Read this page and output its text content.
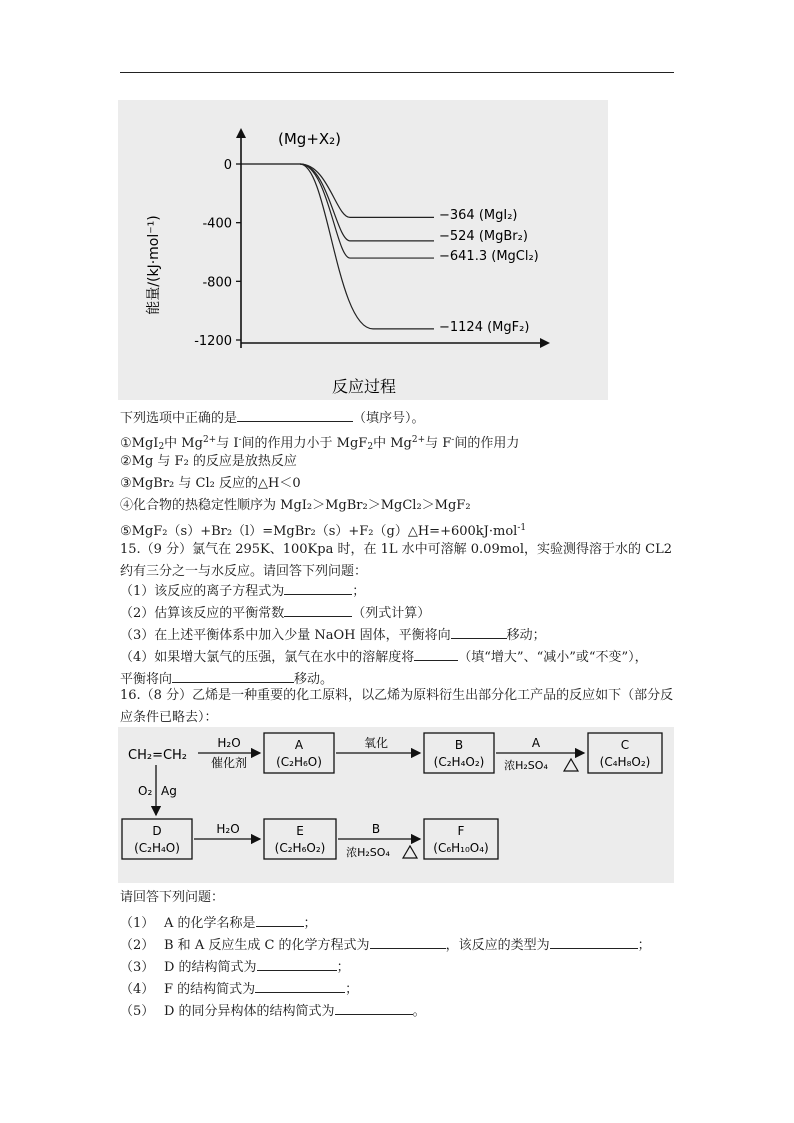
0
-400
-800
-1200
−364 (MgI₂)
−524 (MgBr₂)
−641.3 (MgCl₂)
−1124 (MgF₂)
反应过程
(Mg+X₂)
能量/(kJ·mol⁻¹)
下列选项中正确的是	（填序号）。
①MgI$_2$中 $Mg^{2+}$与 I-间的作用力小于 MgF$_2$中 $Mg^{2+}$与 F-间的作用力
②Mg 与 F₂ 的反应是放热反应
③MgBr₂ 与 Cl₂ 反应的△H＜0
④化合物的热稳定性顺序为 MgI₂＞MgBr₂＞MgCl₂＞MgF₂
⑤MgF₂（s）+Br₂（l）=MgBr₂（s）+F₂（g）△H=+600kJ·mol$^{-1}$
15.（9 分）氯气在 295K、100Kpa 时，在 1L 水中可溶解 0.09mol，实验测得溶于水的 CL2 约有三分之一与水反应。请回答下列问题：
（1）该反应的离子方程式为	；
（2）估算该反应的平衡常数	（列式计算）
（3）在上述平衡体系中加入少量 NaOH 固体，平衡将向	移动；
（4）如果增大氯气的压强，氯气在水中的溶解度将	（填“增大”、“减小”或“不变”），
平衡将向	移动。
16.（8 分）乙烯是一种重要的化工原料，以乙烯为原料衍生出部分化工产品的反应如下（部分反应条件已略去）：
CH₂=CH₂
H₂O
催化剂
A
(C₂H₆O)
氧化	B
(C₂H₄O₂)
A
浓H₂SO₄
C
(C₄H₈O₂)
O₂ Ag
D
(C₂H₄O)
H₂O	E
(C₂H₆O₂)
B
浓H₂SO₄
F
(C₆H₁₀O₄)
请回答下列问题：
（1） A 的化学名称是	；
（2） B 和 A 反应生成 C 的化学方程式为	，该反应的类型为	；
（3） D 的结构简式为	；
（4） F 的结构简式为	；
（5） D 的同分异构体的结构简式为	。
